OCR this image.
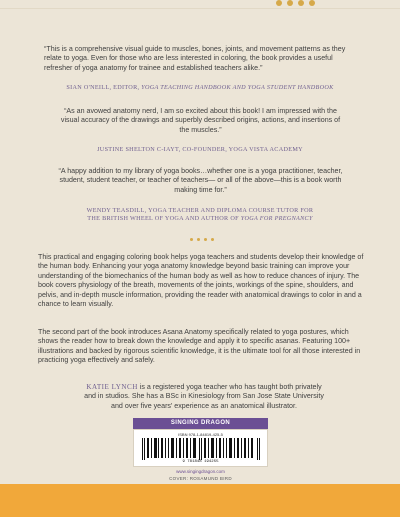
“This is a comprehensive visual guide to muscles, bones, joints, and movement patterns as they relate to yoga. Even for those who are less interested in coloring, the book provides a useful refresher of yoga anatomy for trainee and established teachers alike.”

SIAN O'NEILL, EDITOR, YOGA TEACHING HANDBOOK AND YOGA STUDENT HANDBOOK

“As an avowed anatomy nerd, I am so excited about this book! I am impressed with the visual accuracy of the drawings and superbly described origins, actions, and insertions of the muscles.”

JUSTINE SHELTON C-IAYT, CO-FOUNDER, YOGA VISTA ACADEMY

“A happy addition to my library of yoga books…whether one is a yoga practitioner, teacher, student, student teacher, or teacher of teachers— or all of the above—this is a book worth making time for.”

WENDY TEASDILL, YOGA TEACHER AND DIPLOMA COURSE TUTOR FOR
THE BRITISH WHEEL OF YOGA AND AUTHOR OF YOGA FOR PREGNANCY

This practical and engaging coloring book helps yoga teachers and students develop their knowledge of the human body. Enhancing your yoga anatomy knowledge beyond basic training can improve your understanding of the biomechanics of the human body as well as how to reduce chances of injury. The book covers physiology of the breath, movements of the joints, workings of the spine, shoulders, and pelvis, and in-depth muscle information, providing the reader with anatomical drawings to color in and a chance to learn visually.

The second part of the book introduces Asana Anatomy specifically related to yoga postures, which shows the reader how to break down the knowledge and apply it to specific asanas. Featuring 100+ illustrations and backed by rigorous scientific knowledge, it is the ultimate tool for all those interested in practicing yoga effectively and safely.

KATIE LYNCH is a registered yoga teacher who has taught both privately and in studios. She has a BSc in Kinesiology from San Jose State University and over five years' experience as an anatomical illustrator.

SINGING DRAGON
ISBN 978-1-84819-425-5
9 781848 194255
www.singingdragon.com
COVER: ROSAMUND BIRD
